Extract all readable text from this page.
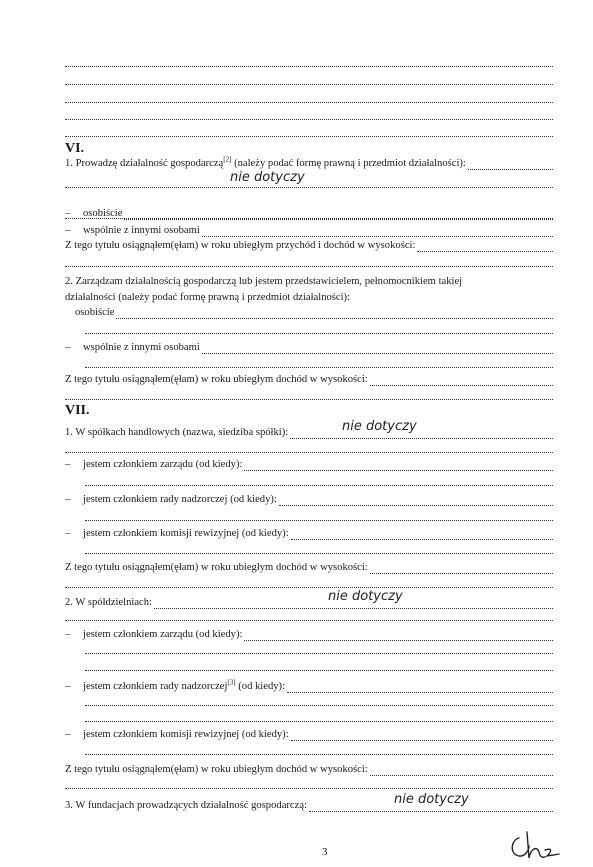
VI.
1. Prowadzę działalność gospodarczą[2] (należy podać formę prawną i przedmiot działalności):
nie dotyczy
– osobiście
– wspólnie z innymi osobami
Z tego tytułu osiągnąłem(ęłam) w roku ubiegłym przychód i dochód w wysokości:
2. Zarządzam działalnością gospodarczą lub jestem przedstawicielem, pełnomocnikiem takiej
działalności (należy podać formę prawną i przedmiot działalności):
osobiście
– wspólnie z innymi osobami
Z tego tytułu osiągnąłem(ęłam) w roku ubiegłym dochód w wysokości:
VII.
1. W spółkach handlowych (nazwa, siedziba spółki):	nie dotyczy
– jestem członkiem zarządu (od kiedy):
– jestem członkiem rady nadzorczej (od kiedy):
– jestem członkiem komisji rewizyjnej (od kiedy):
Z tego tytułu osiągnąłem(ęłam) w roku ubiegłym dochód w wysokości:
2. W spółdzielniach:	nie dotyczy
– jestem członkiem zarządu (od kiedy):
– jestem członkiem rady nadzorczej[3] (od kiedy):
– jestem członkiem komisji rewizyjnej (od kiedy):
Z tego tytułu osiągnąłem(ęłam) w roku ubiegłym dochód w wysokości:
3. W fundacjach prowadzących działalność gospodarczą:	nie dotyczy
3
